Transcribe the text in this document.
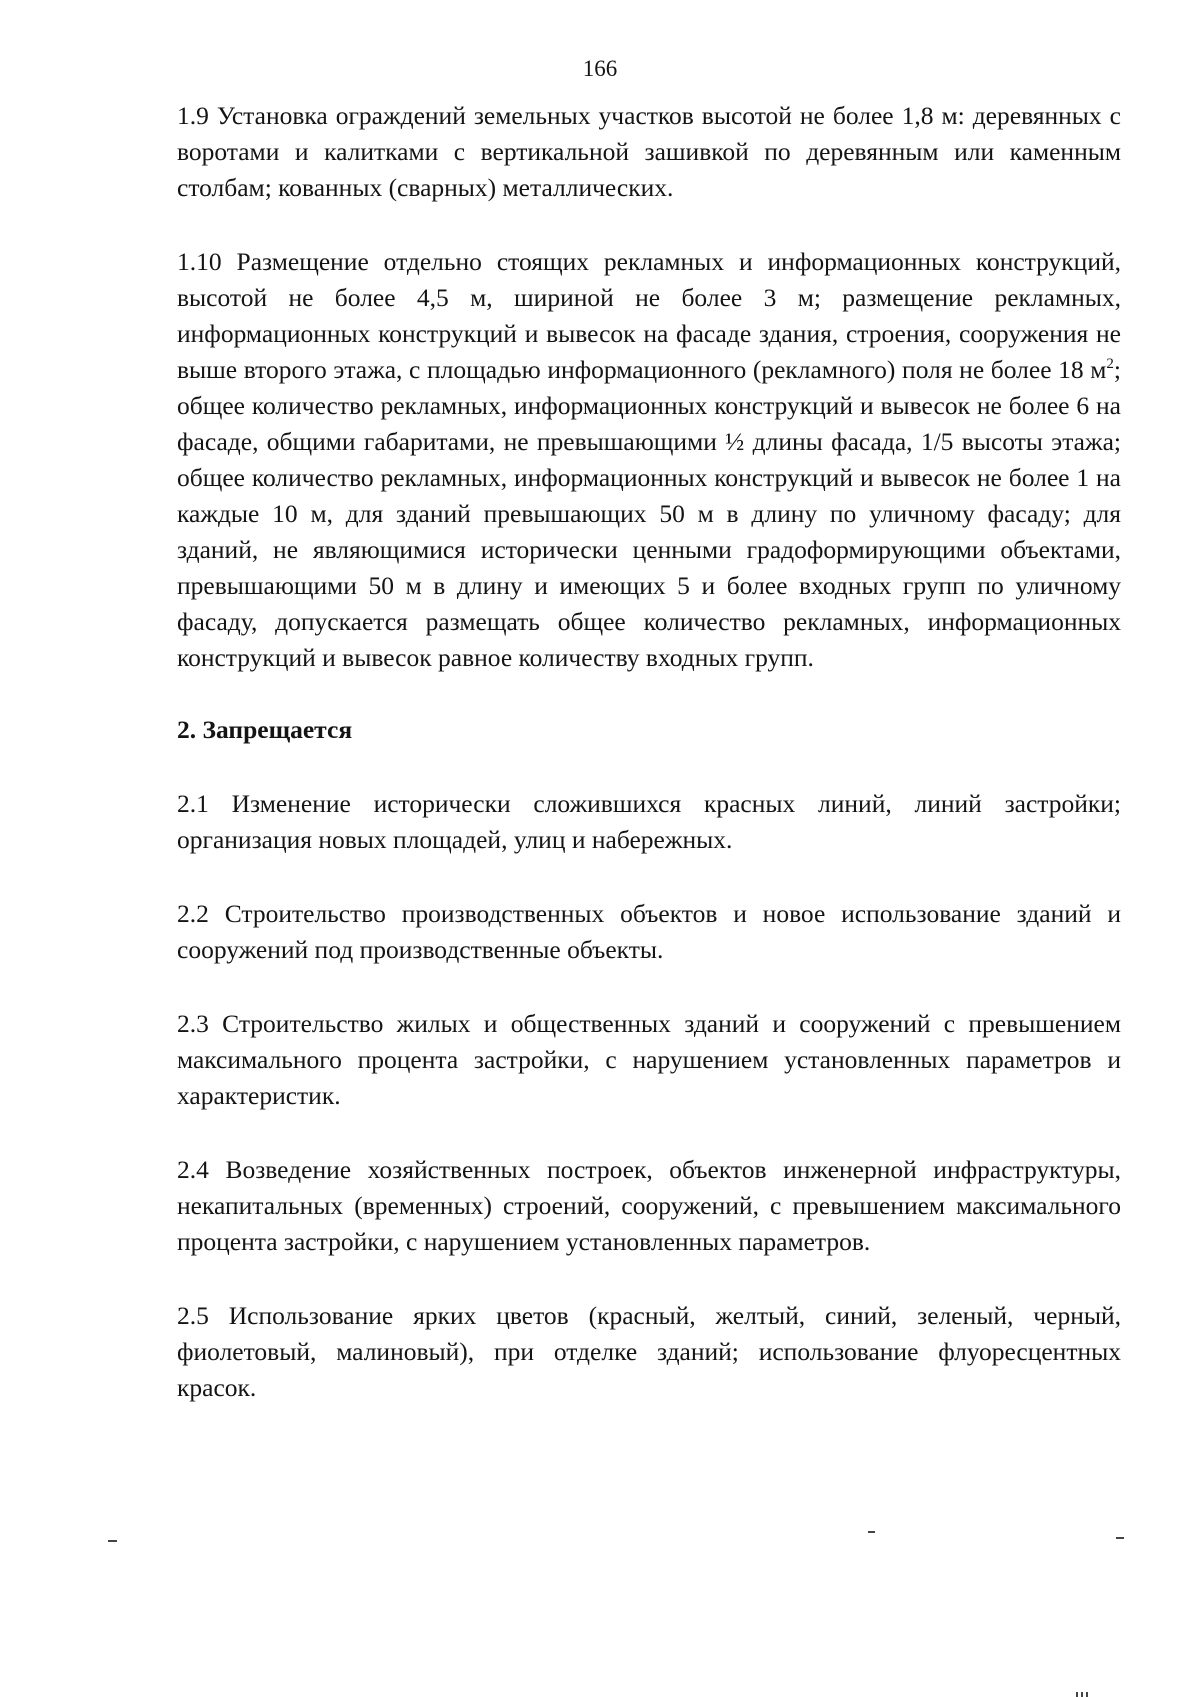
166

1.9 Установка ограждений земельных участков высотой не более 1,8 м: деревянных с воротами и калитками с вертикальной зашивкой по деревянным или каменным столбам; кованных (сварных) металлических.

1.10 Размещение отдельно стоящих рекламных и информационных конструкций, высотой не более 4,5 м, шириной не более 3 м; размещение рекламных, информационных конструкций и вывесок на фасаде здания, строения, сооружения не выше второго этажа, с площадью информационного (рекламного) поля не более 18 $м^2$; общее количество рекламных, информационных конструкций и вывесок не более 6 на фасаде, общими габаритами, не превышающими ½ длины фасада, 1/5 высоты этажа; общее количество рекламных, информационных конструкций и вывесок не более 1 на каждые 10 м, для зданий превышающих 50 м в длину по уличному фасаду; для зданий, не являющимися исторически ценными градоформирующими объектами, превышающими 50 м в длину и имеющих 5 и более входных групп по уличному фасаду, допускается размещать общее количество рекламных, информационных конструкций и вывесок равное количеству входных групп.

2. Запрещается

2.1 Изменение исторически сложившихся красных линий, линий застройки; организация новых площадей, улиц и набережных.

2.2 Строительство производственных объектов и новое использование зданий и сооружений под производственные объекты.

2.3 Строительство жилых и общественных зданий и сооружений с превышением максимального процента застройки, с нарушением установленных параметров и характеристик.

2.4 Возведение хозяйственных построек, объектов инженерной инфраструктуры, некапитальных (временных) строений, сооружений, с превышением максимального процента застройки, с нарушением установленных параметров.

2.5 Использование ярких цветов (красный, желтый, синий, зеленый, черный, фиолетовый, малиновый), при отделке зданий; использование флуоресцентных красок.
